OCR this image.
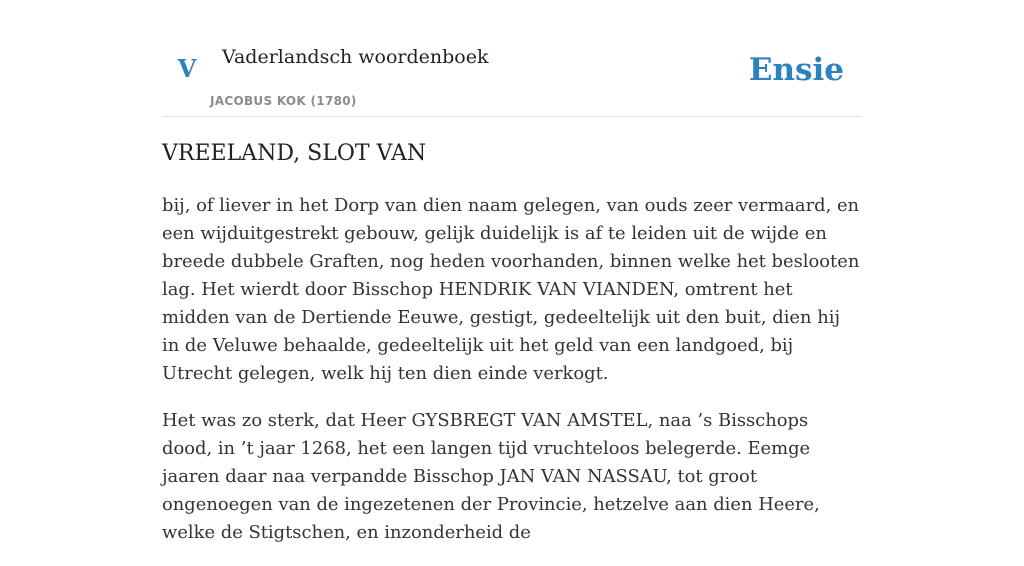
V Vaderlandsch woordenboek
JACOBUS KOK (1780)
Ensie
VREELAND, SLOT VAN

bij, of liever in het Dorp van dien naam gelegen, van ouds zeer vermaard, en een wijduitgestrekt gebouw, gelijk duidelijk is af te leiden uit de wijde en breede dubbele Graften, nog heden voorhanden, binnen welke het beslooten lag. Het wierdt door Bisschop HENDRIK VAN VIANDEN, omtrent het midden van de Dertiende Eeuwe, gestigt, gedeeltelijk uit den buit, dien hij in de Veluwe behaalde, gedeeltelijk uit het geld van een landgoed, bij Utrecht gelegen, welk hij ten dien einde verkogt.

Het was zo sterk, dat Heer GYSBREGT VAN AMSTEL, naa ’s Bisschops dood, in ’t jaar 1268, het een langen tijd vruchteloos belegerde. Eemge jaaren daar naa verpandde Bisschop JAN VAN NASSAU, tot groot ongenoegen van de ingezetenen der Provincie, hetzelve aan dien Heere, welke de Stigtschen, en inzonderheid de
